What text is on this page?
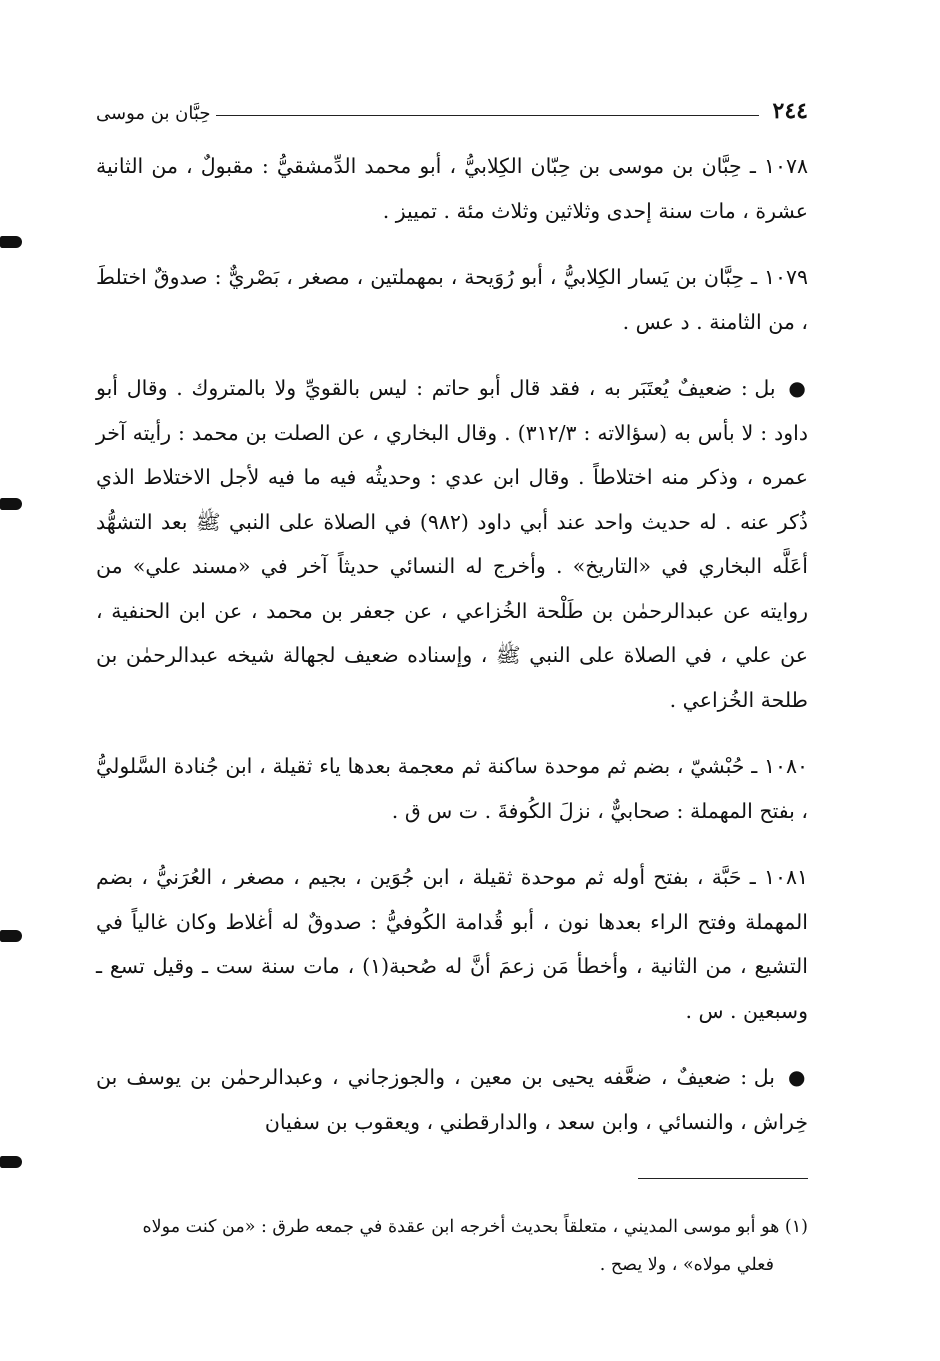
٢٤٤
حِبَّان بن موسى

١٠٧٨ ـ حِبَّان بن موسى بن حِبّان الكِلابيُّ ، أبو محمد الدِّمشقيُّ : مقبولٌ ، من الثانية عشرة ، مات سنة إحدى وثلاثين وثلاث مئة . تمييز .

١٠٧٩ ـ حِبَّان بن يَسار الكِلابيُّ ، أبو رُوَيحة ، بمهملتين ، مصغر ، بَصْريٌّ : صدوقٌ اختلطَ ، من الثامنة . د عس .

● بل : ضعيفٌ يُعتَبَر به ، فقد قال أبو حاتم : ليس بالقويِّ ولا بالمتروك . وقال أبو داود : لا بأس به (سؤالاته : ٣١٢/٣) . وقال البخاري ، عن الصلت بن محمد : رأيته آخر عمره ، وذكر منه اختلاطاً . وقال ابن عدي : وحديثُه فيه ما فيه لأجل الاختلاط الذي ذُكر عنه . له حديث واحد عند أبي داود (٩٨٢) في الصلاة على النبي ﷺ بعد التشهُّد أعَلَّه البخاري في «التاريخ» . وأخرج له النسائي حديثاً آخر في «مسند علي» من روايته عن عبدالرحمٰن بن طَلْحة الخُزاعي ، عن جعفر بن محمد ، عن ابن الحنفية ، عن علي ، في الصلاة على النبي ﷺ ، وإسناده ضعيف لجهالة شيخه عبدالرحمٰن بن طلحة الخُزاعي .

١٠٨٠ ـ حُبْشيّ ، بضم ثم موحدة ساكنة ثم معجمة بعدها ياء ثقيلة ، ابن جُنادة السَّلوليُّ ، بفتح المهملة : صحابيٌّ ، نزلَ الكُوفةَ . ت س ق .

١٠٨١ ـ حَبَّة ، بفتح أوله ثم موحدة ثقيلة ، ابن جُوَين ، بجيم ، مصغر ، العُرَنيُّ ، بضم المهملة وفتح الراء بعدها نون ، أبو قُدامة الكُوفيُّ : صدوقٌ له أغلاط وكان غالياً في التشيع ، من الثانية ، وأخطأ مَن زعمَ أنَّ له صُحبة(١) ، مات سنة ست ـ وقيل تسع ـ وسبعين . س .

● بل : ضعيفٌ ، ضعَّفه يحيى بن معين ، والجوزجاني ، وعبدالرحمٰن بن يوسف بن خِراش ، والنسائي ، وابن سعد ، والدارقطني ، ويعقوب بن سفيان

(١) هو أبو موسى المديني ، متعلقاً بحديث أخرجه ابن عقدة في جمعه طرق : «من كنت مولاه

فعلي مولاه» ، ولا يصح .
